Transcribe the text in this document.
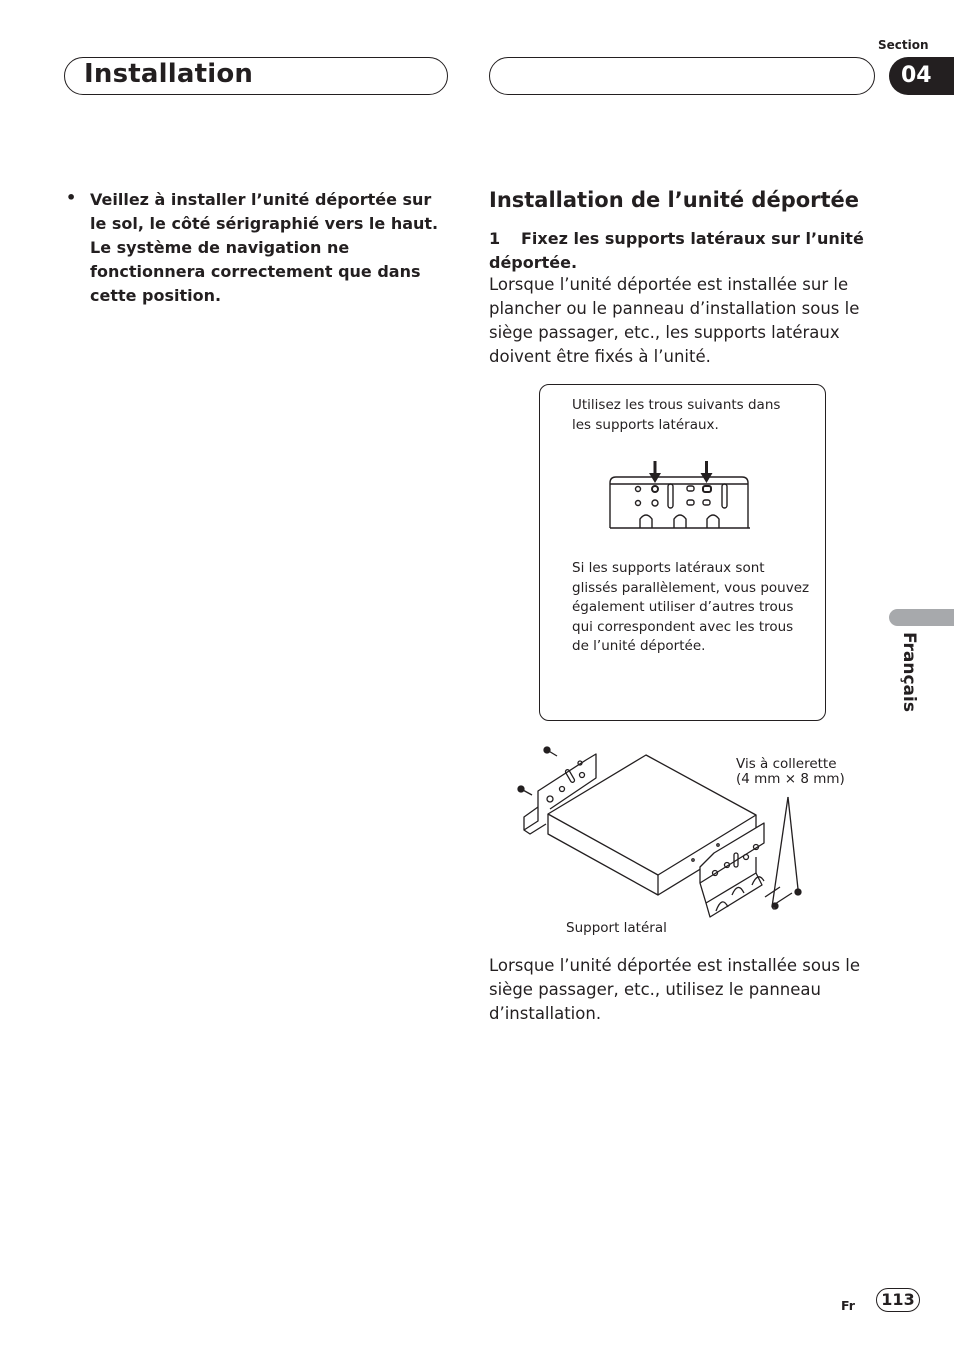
Installation
Section
04
• Veillez à installer l’unité déportée sur le sol, le côté sérigraphié vers le haut. Le système de navigation ne fonctionnera correctement que dans cette position.
Installation de l’unité déportée
1 Fixez les supports latéraux sur l’unité déportée.
Lorsque l’unité déportée est installée sur le plancher ou le panneau d’installation sous le siège passager, etc., les supports latéraux doivent être fixés à l’unité.
Utilisez les trous suivants dans les supports latéraux.
Si les supports latéraux sont glissés parallèlement, vous pouvez également utiliser d’autres trous qui correspondent avec les trous de l’unité déportée.
Vis à collerette
(4 mm × 8 mm)
Support latéral
Lorsque l’unité déportée est installée sous le siège passager, etc., utilisez le panneau d’installation.
Français
Fr	113
